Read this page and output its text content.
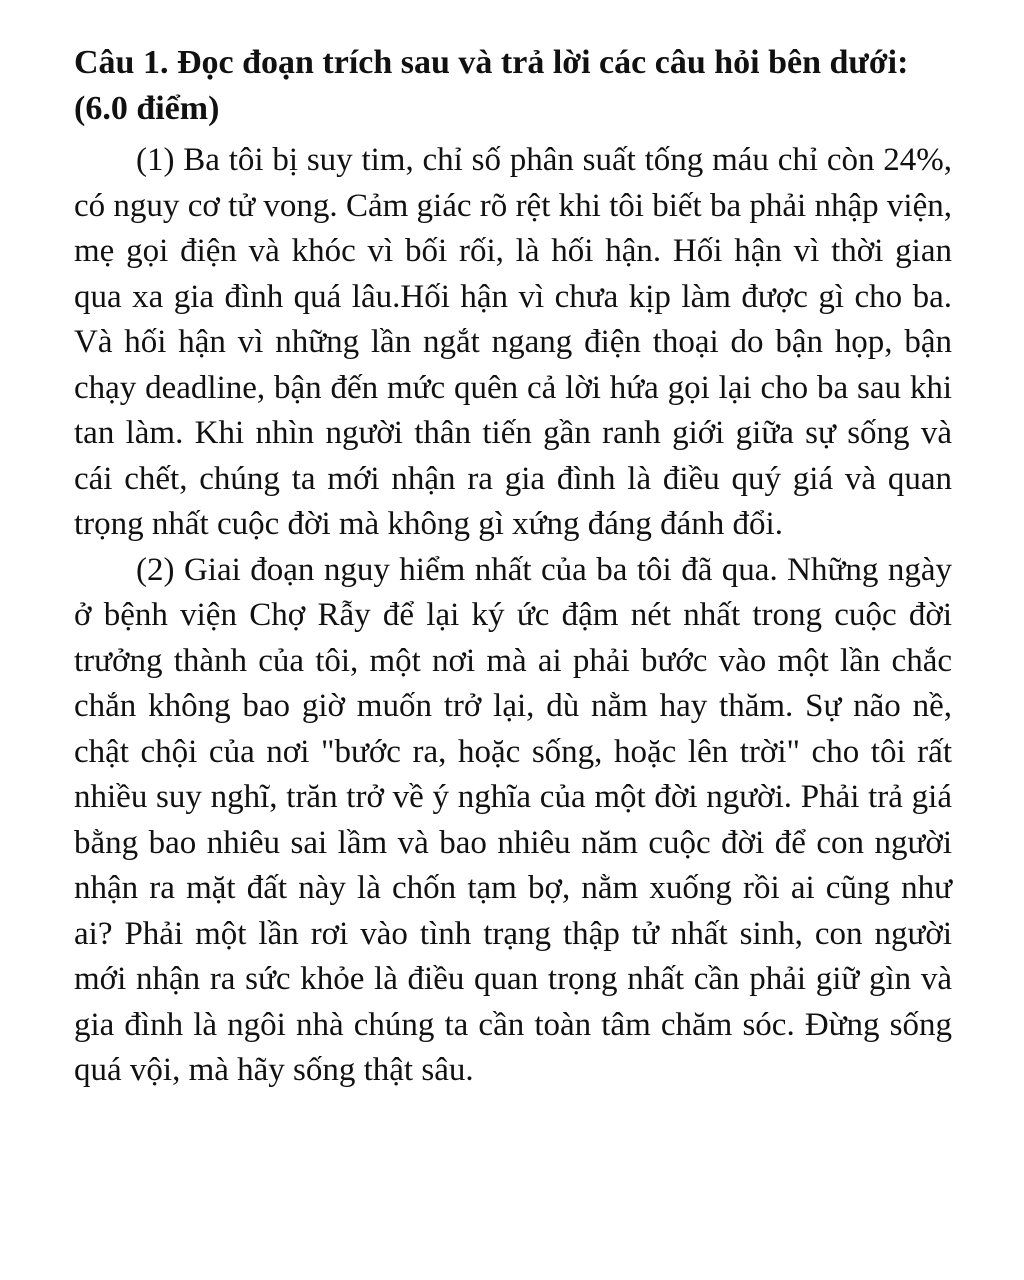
Câu 1. Đọc đoạn trích sau và trả lời các câu hỏi bên dưới: (6.0 điểm)

(1) Ba tôi bị suy tim, chỉ số phân suất tống máu chỉ còn 24%, có nguy cơ tử vong. Cảm giác rõ rệt khi tôi biết ba phải nhập viện, mẹ gọi điện và khóc vì bối rối, là hối hận. Hối hận vì thời gian qua xa gia đình quá lâu.Hối hận vì chưa kịp làm được gì cho ba. Và hối hận vì những lần ngắt ngang điện thoại do bận họp, bận chạy deadline, bận đến mức quên cả lời hứa gọi lại cho ba sau khi tan làm. Khi nhìn người thân tiến gần ranh giới giữa sự sống và cái chết, chúng ta mới nhận ra gia đình là điều quý giá và quan trọng nhất cuộc đời mà không gì xứng đáng đánh đổi.

(2) Giai đoạn nguy hiểm nhất của ba tôi đã qua. Những ngày ở bệnh viện Chợ Rẫy để lại ký ức đậm nét nhất trong cuộc đời trưởng thành của tôi, một nơi mà ai phải bước vào một lần chắc chắn không bao giờ muốn trở lại, dù nằm hay thăm. Sự não nề, chật chội của nơi "bước ra, hoặc sống, hoặc lên trời" cho tôi rất nhiều suy nghĩ, trăn trở về ý nghĩa của một đời người. Phải trả giá bằng bao nhiêu sai lầm và bao nhiêu năm cuộc đời để con người nhận ra mặt đất này là chốn tạm bợ, nằm xuống rồi ai cũng như ai? Phải một lần rơi vào tình trạng thập tử nhất sinh, con người mới nhận ra sức khỏe là điều quan trọng nhất cần phải giữ gìn và gia đình là ngôi nhà chúng ta cần toàn tâm chăm sóc. Đừng sống quá vội, mà hãy sống thật sâu.
